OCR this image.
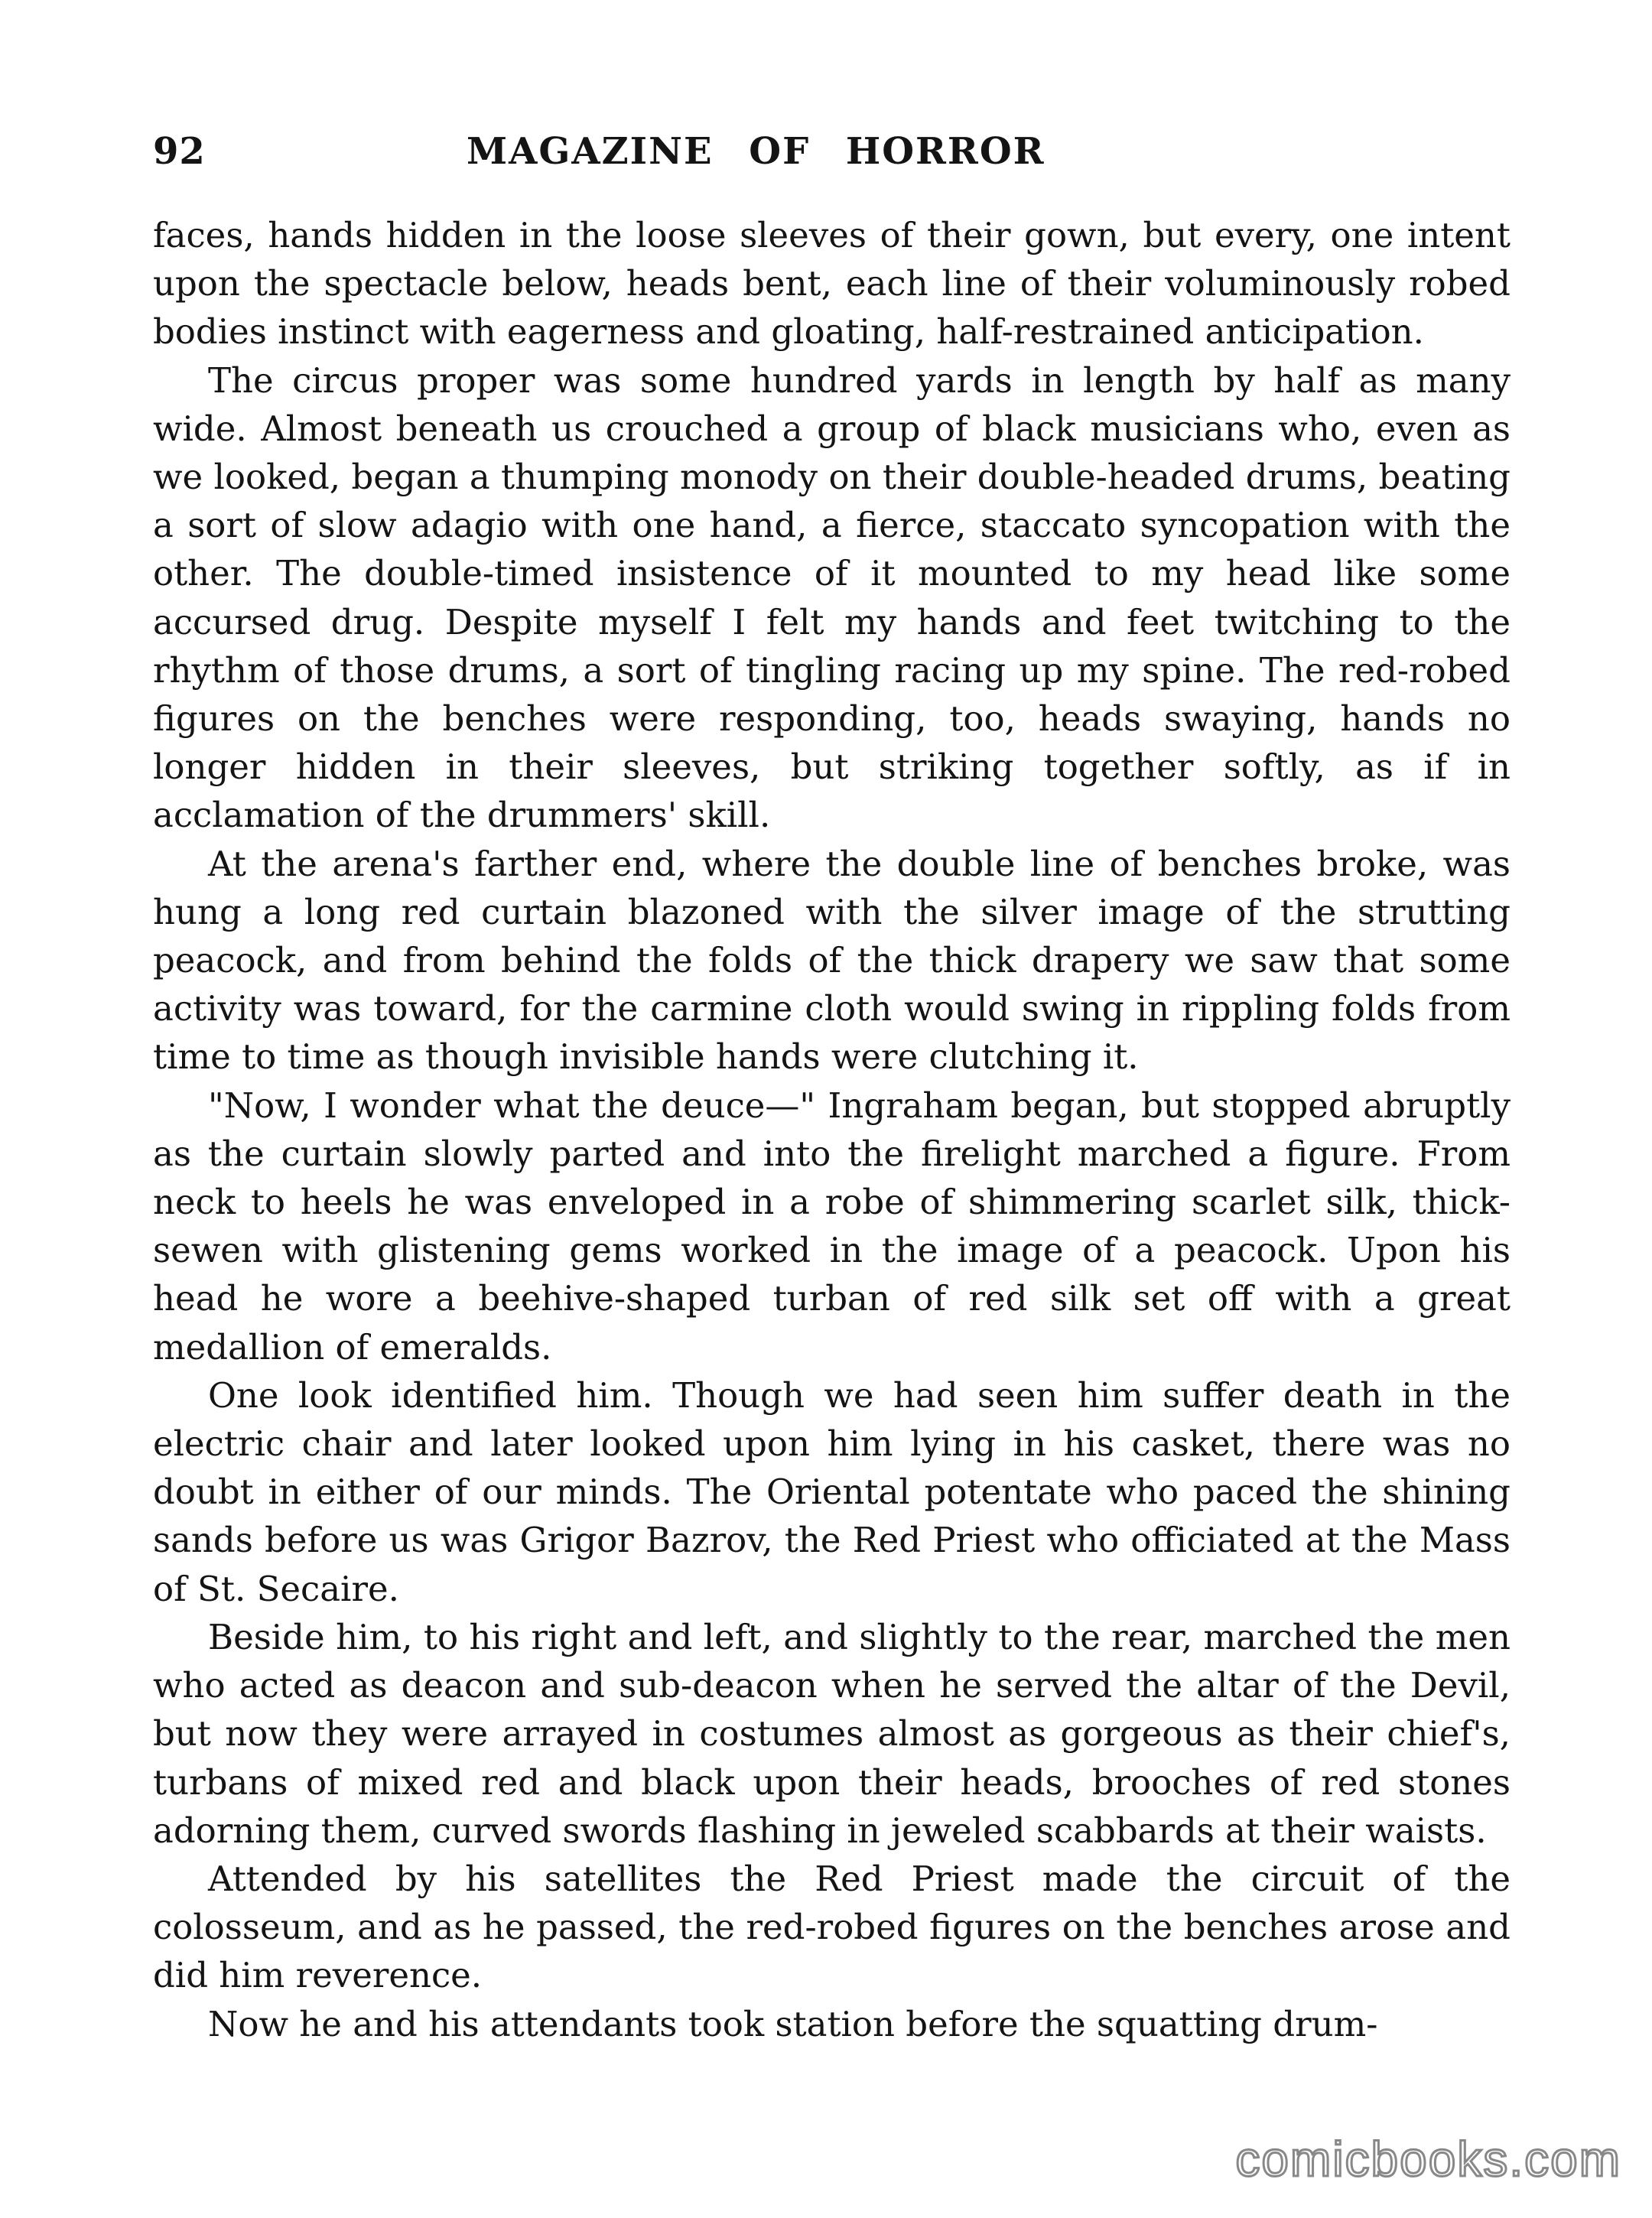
92	MAGAZINE OF HORROR

faces, hands hidden in the loose sleeves of their gown, but every, one intent upon the spectacle below, heads bent, each line of their voluminously robed bodies instinct with eagerness and gloating, half-restrained anticipation.

The circus proper was some hundred yards in length by half as many wide. Almost beneath us crouched a group of black musicians who, even as we looked, began a thumping monody on their double-headed drums, beating a sort of slow adagio with one hand, a fierce, staccato syncopation with the other. The double-timed insistence of it mounted to my head like some accursed drug. Despite myself I felt my hands and feet twitching to the rhythm of those drums, a sort of tingling racing up my spine. The red-robed figures on the benches were responding, too, heads swaying, hands no longer hidden in their sleeves, but striking together softly, as if in acclamation of the drummers' skill.

At the arena's farther end, where the double line of benches broke, was hung a long red curtain blazoned with the silver image of the strutting peacock, and from behind the folds of the thick drapery we saw that some activity was toward, for the carmine cloth would swing in rippling folds from time to time as though invisible hands were clutching it.

"Now, I wonder what the deuce—" Ingraham began, but stopped abruptly as the curtain slowly parted and into the firelight marched a figure. From neck to heels he was enveloped in a robe of shimmering scarlet silk, thick-sewen with glistening gems worked in the image of a peacock. Upon his head he wore a beehive-shaped turban of red silk set off with a great medallion of emeralds.

One look identified him. Though we had seen him suffer death in the electric chair and later looked upon him lying in his casket, there was no doubt in either of our minds. The Oriental potentate who paced the shining sands before us was Grigor Bazrov, the Red Priest who officiated at the Mass of St. Secaire.

Beside him, to his right and left, and slightly to the rear, marched the men who acted as deacon and sub-deacon when he served the altar of the Devil, but now they were arrayed in costumes almost as gorgeous as their chief's, turbans of mixed red and black upon their heads, brooches of red stones adorning them, curved swords flashing in jeweled scabbards at their waists.

Attended by his satellites the Red Priest made the circuit of the colosseum, and as he passed, the red-robed figures on the benches arose and did him reverence.

Now he and his attendants took station before the squatting drum-

comicbooks.com
